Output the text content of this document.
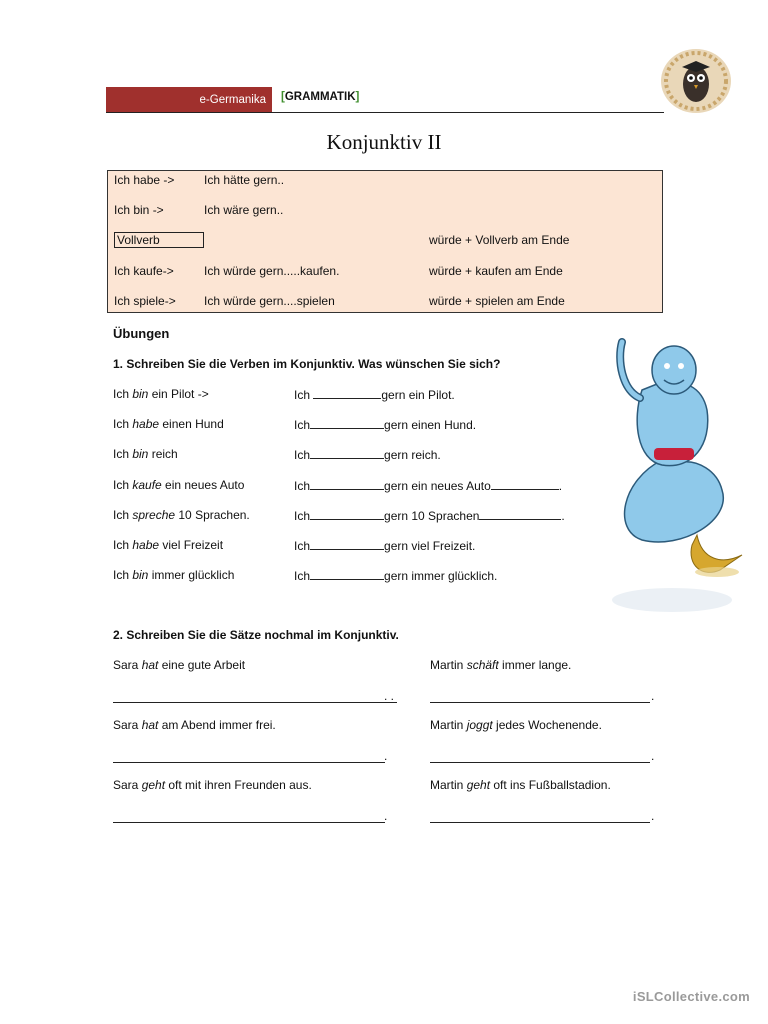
e-Germanika [GRAMMATIK]
Konjunktiv II
Ich habe -> Ich hätte gern..
Ich bin ->	Ich wäre gern..
Vollverb	würde + Vollverb am Ende
Ich kaufe->	Ich würde gern.....kaufen.	würde + kaufen am Ende
Ich spiele-> Ich würde gern....spielen	würde + spielen am Ende
Übungen
1. Schreiben Sie die Verben im Konjunktiv. Was wünschen Sie sich?
Ich bin ein Pilot ->	Ich	gern ein Pilot.
Ich habe einen Hund	Ich	gern einen Hund.
Ich bin reich	Ich	gern reich.
Ich kaufe ein neues Auto	Ich	gern ein neues Auto	.
Ich spreche 10 Sprachen.	Ich	gern 10 Sprachen	.
Ich habe viel Freizeit	Ich	gern viel Freizeit.
Ich bin immer glücklich	Ich	gern immer glücklich.
2. Schreiben Sie die Sätze nochmal im Konjunktiv.
Sara hat eine gute Arbeit
. .
Martin schäft immer lange.
.
Sara hat am Abend immer frei.
.
Martin joggt jedes Wochenende.
.
Sara geht oft mit ihren Freunden aus.
.
Martin geht oft ins Fußballstadion.
.
iSLCollective.com
